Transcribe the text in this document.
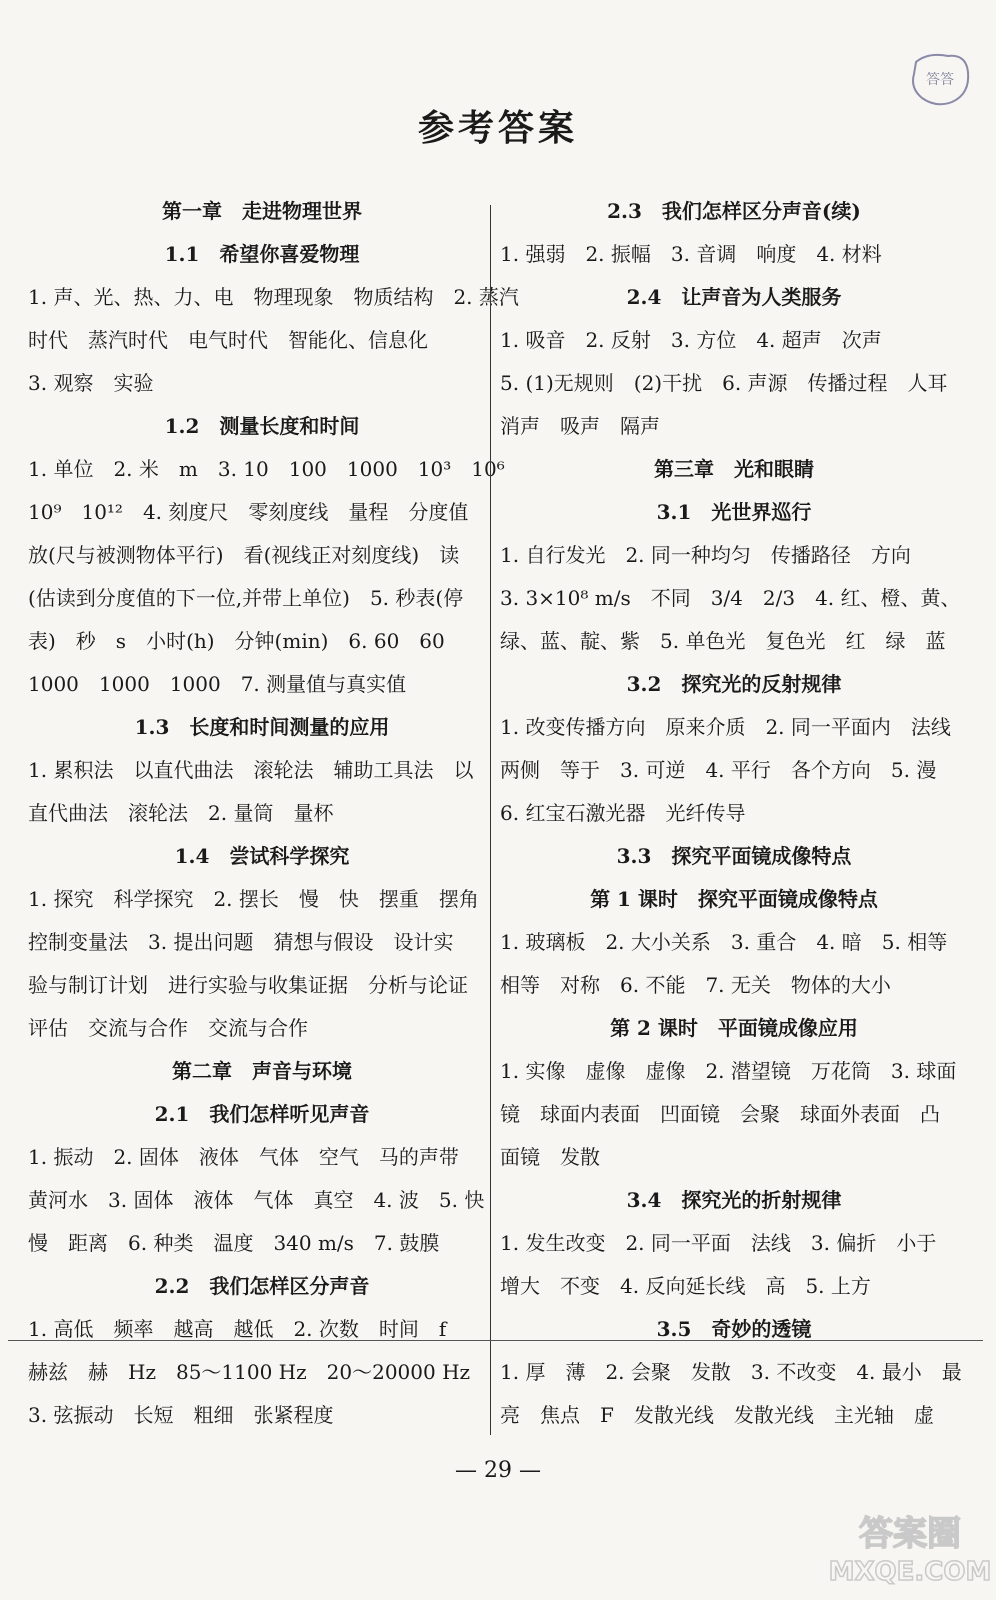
答答
参考答案

第一章　走进物理世界

1.1　希望你喜爱物理

1. 声、光、热、力、电　物理现象　物质结构　2. 蒸汽

时代　蒸汽时代　电气时代　智能化、信息化

3. 观察　实验

1.2　测量长度和时间

1. 单位　2. 米　m　3. 10　100　1000　10³　10⁶

10⁹　10¹²　4. 刻度尺　零刻度线　量程　分度值

放(尺与被测物体平行)　看(视线正对刻度线)　读

(估读到分度值的下一位,并带上单位)　5. 秒表(停

表)　秒　s　小时(h)　分钟(min)　6. 60　60

1000　1000　1000　7. 测量值与真实值

1.3　长度和时间测量的应用

1. 累积法　以直代曲法　滚轮法　辅助工具法　以

直代曲法　滚轮法　2. 量筒　量杯

1.4　尝试科学探究

1. 探究　科学探究　2. 摆长　慢　快　摆重　摆角

控制变量法　3. 提出问题　猜想与假设　设计实

验与制订计划　进行实验与收集证据　分析与论证

评估　交流与合作　交流与合作

第二章　声音与环境

2.1　我们怎样听见声音

1. 振动　2. 固体　液体　气体　空气　马的声带

黄河水　3. 固体　液体　气体　真空　4. 波　5. 快

慢　距离　6. 种类　温度　340 m/s　7. 鼓膜

2.2　我们怎样区分声音

1. 高低　频率　越高　越低　2. 次数　时间　f

赫兹　赫　Hz　85～1100 Hz　20～20000 Hz

3. 弦振动　长短　粗细　张紧程度

2.3　我们怎样区分声音(续)

1. 强弱　2. 振幅　3. 音调　响度　4. 材料

2.4　让声音为人类服务

1. 吸音　2. 反射　3. 方位　4. 超声　次声

5. (1)无规则　(2)干扰　6. 声源　传播过程　人耳

消声　吸声　隔声

第三章　光和眼睛

3.1　光世界巡行

1. 自行发光　2. 同一种均匀　传播路径　方向

3. 3×10⁸ m/s　不同　3/4　2/3　4. 红、橙、黄、

绿、蓝、靛、紫　5. 单色光　复色光　红　绿　蓝

3.2　探究光的反射规律

1. 改变传播方向　原来介质　2. 同一平面内　法线

两侧　等于　3. 可逆　4. 平行　各个方向　5. 漫

6. 红宝石激光器　光纤传导

3.3　探究平面镜成像特点

第 1 课时　探究平面镜成像特点

1. 玻璃板　2. 大小关系　3. 重合　4. 暗　5. 相等

相等　对称　6. 不能　7. 无关　物体的大小

第 2 课时　平面镜成像应用

1. 实像　虚像　虚像　2. 潜望镜　万花筒　3. 球面

镜　球面内表面　凹面镜　会聚　球面外表面　凸

面镜　发散

3.4　探究光的折射规律

1. 发生改变　2. 同一平面　法线　3. 偏折　小于

增大　不变　4. 反向延长线　高　5. 上方

3.5　奇妙的透镜

1. 厚　薄　2. 会聚　发散　3. 不改变　4. 最小　最

亮　焦点　F　发散光线　发散光线　主光轴　虚

— 29 —
答案圈
MXQE.COM
